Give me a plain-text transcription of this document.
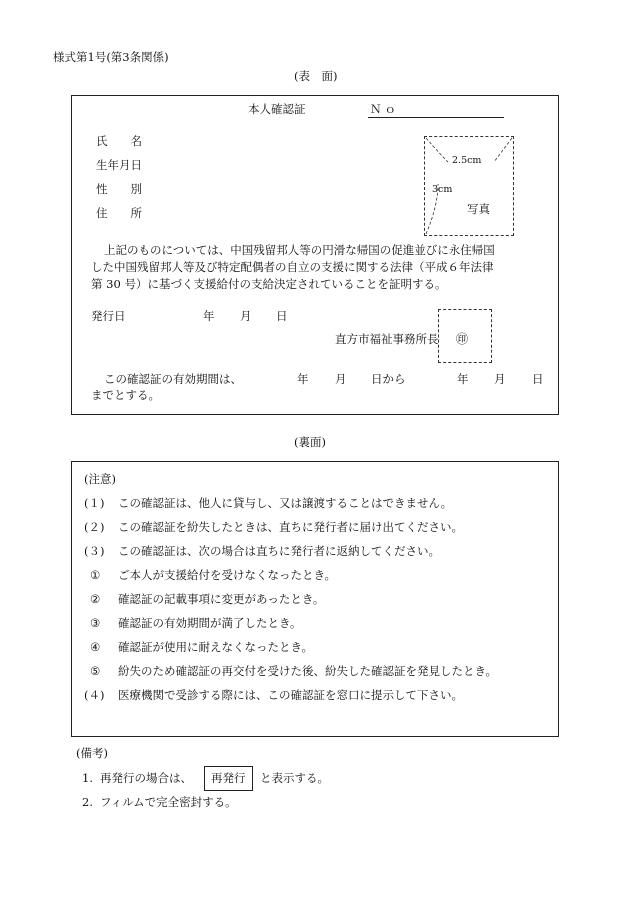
様式第1号(第3条関係)
(表　面)
本人確認証	Ｎｏ
氏　　名
生年月日
性　　別
住　　所
2.5cm
3cm
写真
上記のものについては、中国残留邦人等の円滑な帰国の促進並びに永住帰国
した中国残留邦人等及び特定配偶者の自立の支援に関する法律（平成６年法律
第 30 号）に基づく支援給付の支給決定されていることを証明する。
発行日	年 月 日
直方市福祉事務所長 ㊞
この確認証の有効期間は、	年 月 日から	年 月 日
までとする。
(裏面)
(注意)
(１) この確認証は、他人に貸与し、又は譲渡することはできません。
(２) この確認証を紛失したときは、直ちに発行者に届け出てください。
(３) この確認証は、次の場合は直ちに発行者に返納してください。
① ご本人が支援給付を受けなくなったとき。
② 確認証の記載事項に変更があったとき。
③ 確認証の有効期間が満了したとき。
④ 確認証が使用に耐えなくなったとき。
⑤ 紛失のため確認証の再交付を受けた後、紛失した確認証を発見したとき。
(４) 医療機関で受診する際には、この確認証を窓口に提示して下さい。
(備考)
1. 再発行の場合は、	再発行	と表示する。
2. フィルムで完全密封する。
